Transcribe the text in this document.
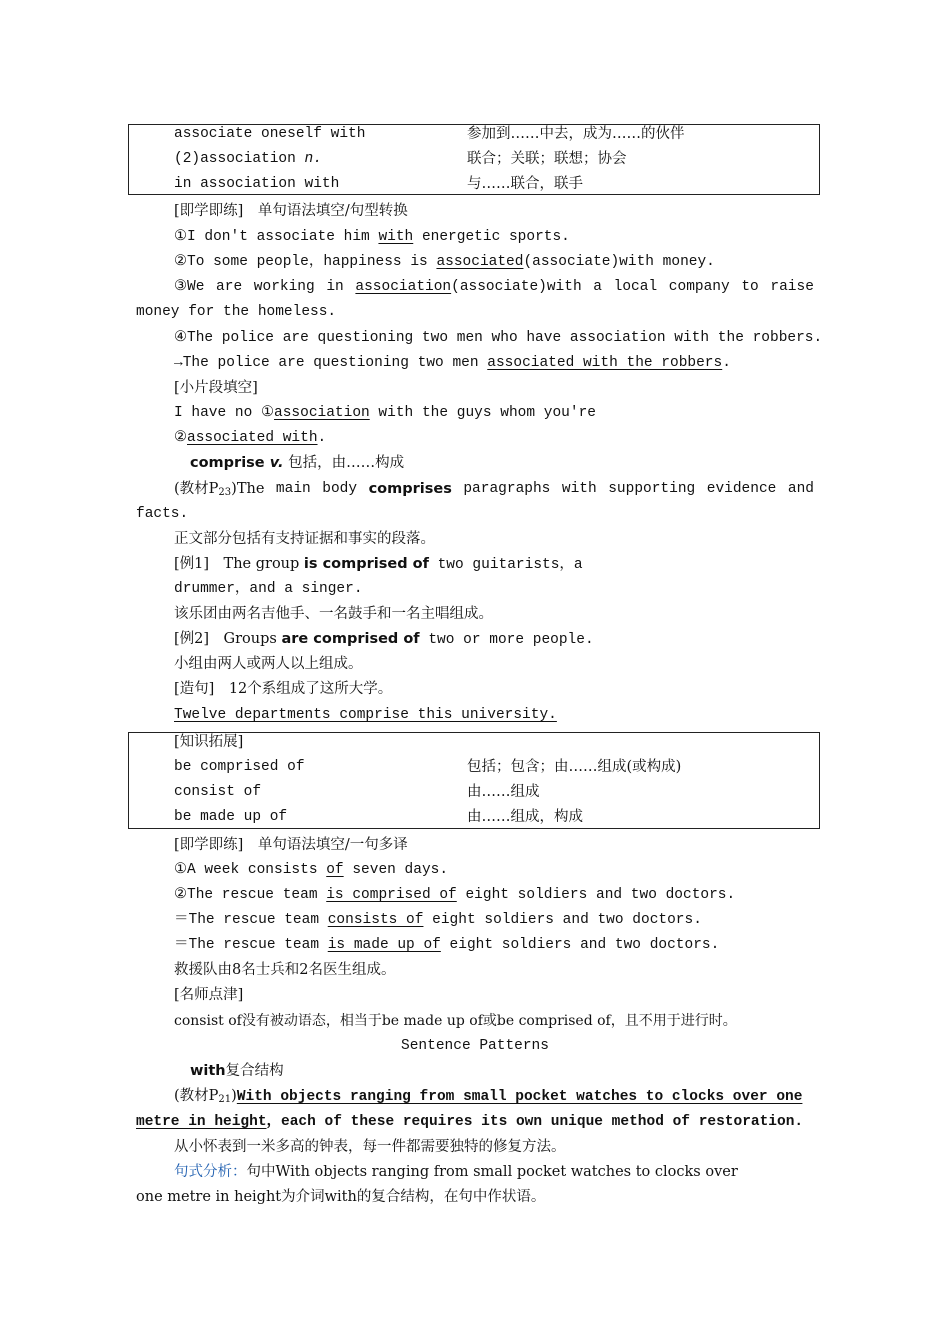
associate oneself with	参加到……中去，成为……的伙伴
(2)association n.	联合；关联；联想；协会
in association with	与……联合，联手
[即学即练]　单句语法填空/句型转换
①I don't associate him with energetic sports.
②To some people，happiness is associated(associate)with money.
③We are working in association(associate)with a local company to raise
money for the homeless.
④The police are questioning two men who have association with the robbers.
→The police are questioning two men associated with the robbers.
[小片段填空]
I have no ①association with the guys whom you're
②associated with.
comprise v. 包括，由……构成
(教材$P_{23})The$ main body comprises paragraphs with supporting evidence and
facts.
正文部分包括有支持证据和事实的段落。
[例1]　The group is comprised of two guitarists，a
drummer，and a singer.
该乐团由两名吉他手、一名鼓手和一名主唱组成。
[例2]　Groups are comprised of two or more people.
小组由两人或两人以上组成。
[造句]　12个系组成了这所大学。
Twelve departments comprise this university.
[知识拓展]
be comprised of	包括；包含；由……组成(或构成)
consist of	由……组成
be made up of	由……组成，构成
[即学即练]　单句语法填空/一句多译
①A week consists of seven days.
②The rescue team is comprised of eight soldiers and two doctors.
＝The rescue team consists of eight soldiers and two doctors.
＝The rescue team is made up of eight soldiers and two doctors.
救援队由8名士兵和2名医生组成。
[名师点津]
consist of没有被动语态，相当于be made up of或be comprised of，且不用于进行时。
Sentence Patterns
with复合结构
(教材$P_{21})With$ objects ranging from small pocket watches to clocks over one
metre in height，each of these requires its own unique method of restoration.
从小怀表到一米多高的钟表，每一件都需要独特的修复方法。
句式分析：句中With objects ranging from small pocket watches to clocks over
one metre in height为介词with的复合结构，在句中作状语。
